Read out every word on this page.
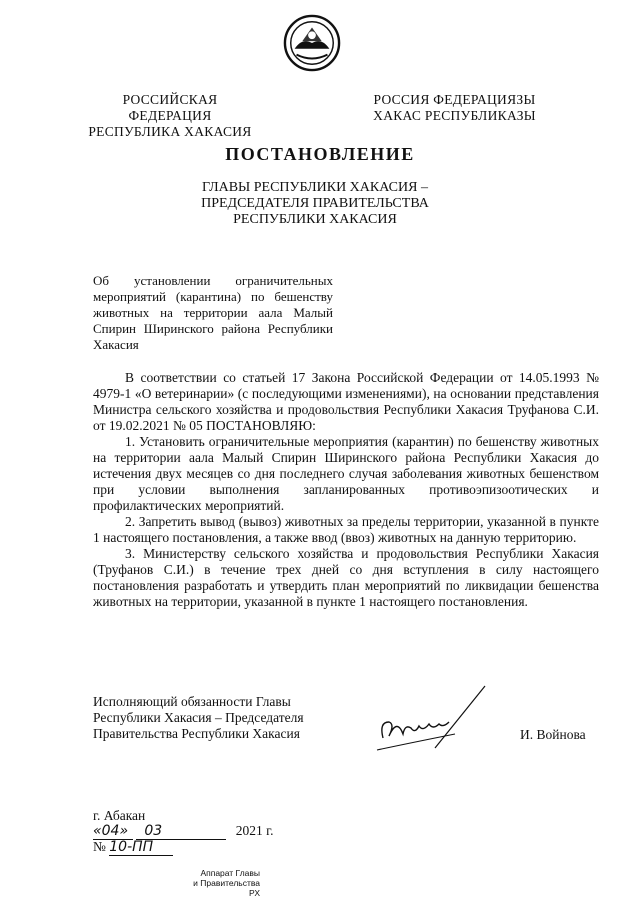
РОССИЙСКАЯ ФЕДЕРАЦИЯ
РЕСПУБЛИКА ХАКАСИЯ
РОССИЯ ФЕДЕРАЦИЯЗЫ
ХАКАС РЕСПУБЛИКАЗЫ
ПОСТАНОВЛЕНИЕ
ГЛАВЫ РЕСПУБЛИКИ ХАКАСИЯ –
ПРЕДСЕДАТЕЛЯ ПРАВИТЕЛЬСТВА
РЕСПУБЛИКИ ХАКАСИЯ
Об установлении ограничительных мероприятий (карантина) по бешенству животных на территории аала Малый Спирин Ширинского района Республики Хакасия

В соответствии со статьей 17 Закона Российской Федерации от 14.05.1993 № 4979-1 «О ветеринарии» (с последующими изменениями), на основании представления Министра сельского хозяйства и продовольствия Республики Хакасия Труфанова С.И. от 19.02.2021 № 05 ПОСТАНОВЛЯЮ:

1. Установить ограничительные мероприятия (карантин) по бешенству животных на территории аала Малый Спирин Ширинского района Республики Хакасия до истечения двух месяцев со дня последнего случая заболевания животных бешенством при условии выполнения запланированных противоэпизоотических и профилактических мероприятий.

2. Запретить вывод (вывоз) животных за пределы территории, указанной в пункте 1 настоящего постановления, а также ввод (ввоз) животных на данную территорию.

3. Министерству сельского хозяйства и продовольствия Республики Хакасия (Труфанов С.И.) в течение трех дней со дня вступления в силу настоящего постановления разработать и утвердить план мероприятий по ликвидации бешенства животных на территории, указанной в пункте 1 настоящего постановления.

Исполняющий обязанности Главы
Республики Хакасия – Председателя
Правительства Республики Хакасия	И. Войнова
г. Абакан
«04» 03	2021 г.
№ 10-ПП
Аппарат Главы
и Правительства РХ
